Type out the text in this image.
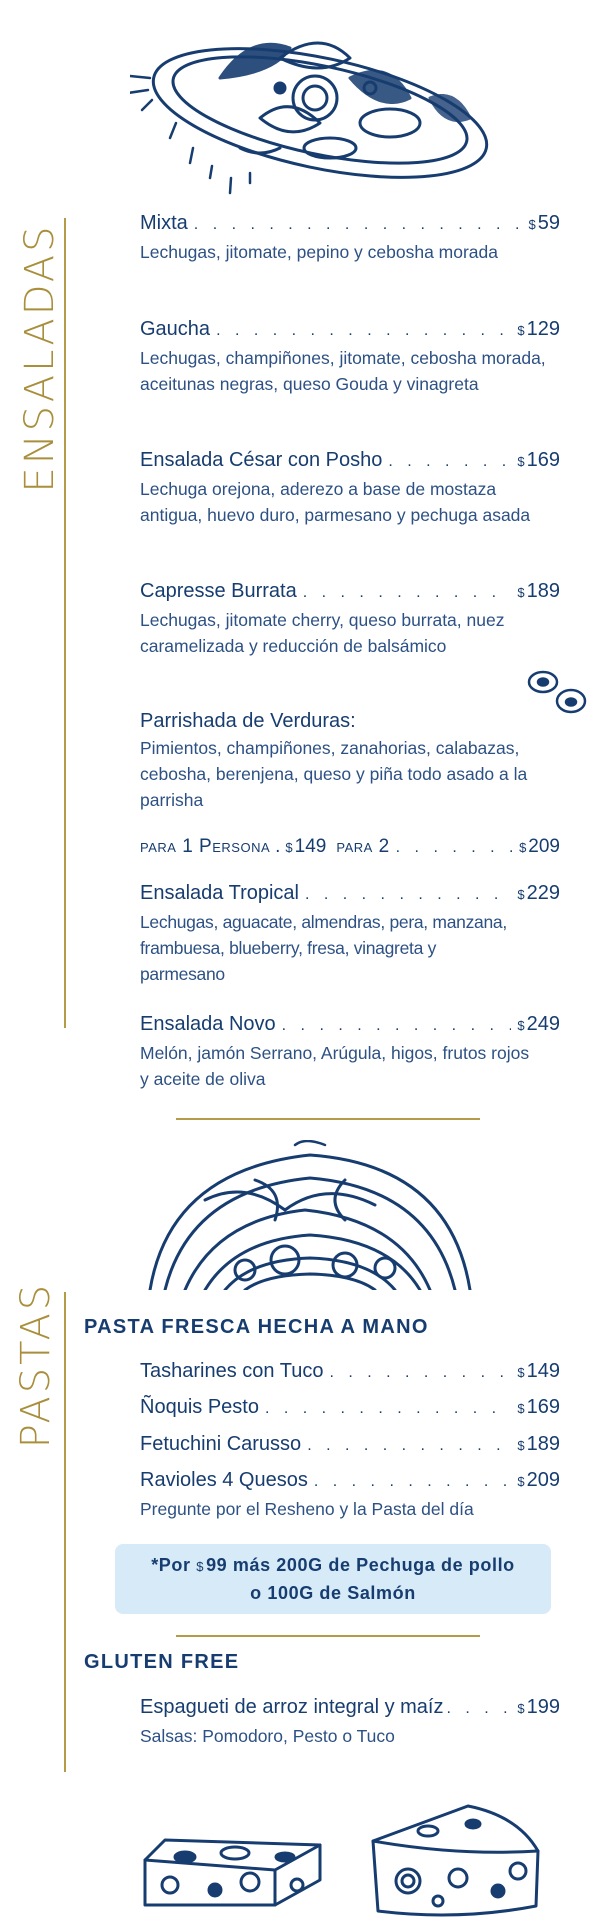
ENSALADAS
Mixta . . .	$ 59
Lechugas, jitomate, pepino y cebosha morada
Gaucha . . .	$ 129
Lechugas, champiñones, jitomate, cebosha morada, aceitunas negras, queso Gouda y vinagreta
Ensalada César con Posho . . .	$ 169
Lechuga orejona, aderezo a base de mostaza antigua, huevo duro, parmesano y pechuga asada
Capresse Burrata . . .	$ 189
Lechugas, jitomate cherry, queso burrata, nuez caramelizada y reducción de balsámico
Parrishada de Verduras:
Pimientos, champiñones, zanahorias, calabazas, cebosha, berenjena, queso y piña todo asado a la parrisha
para 1 Persona . $ 149 para 2 . . .	$ 209
Ensalada Tropical . . .	$ 229
Lechugas, aguacate, almendras, pera, manzana, frambuesa, blueberry, fresa, vinagreta y parmesano
Ensalada Novo . . .	$ 249
Melón, jamón Serrano, Arúgula, higos, frutos rojos y aceite de oliva
PASTAS PASTA FRESCA HECHA A MANO
Tasharines con Tuco . . .	$ 149
Ñoquis Pesto . . .	$ 169
Fetuchini Carusso . . .	$ 189
Ravioles 4 Quesos . . .	$ 209
Pregunte por el Resheno y la Pasta del día
*Por $ 99 más 200G de Pechuga de pollo
o 100G de Salmón
GLUTEN FREE
Espagueti de arroz integral y maíz . . .	$ 199
Salsas: Pomodoro, Pesto o Tuco
